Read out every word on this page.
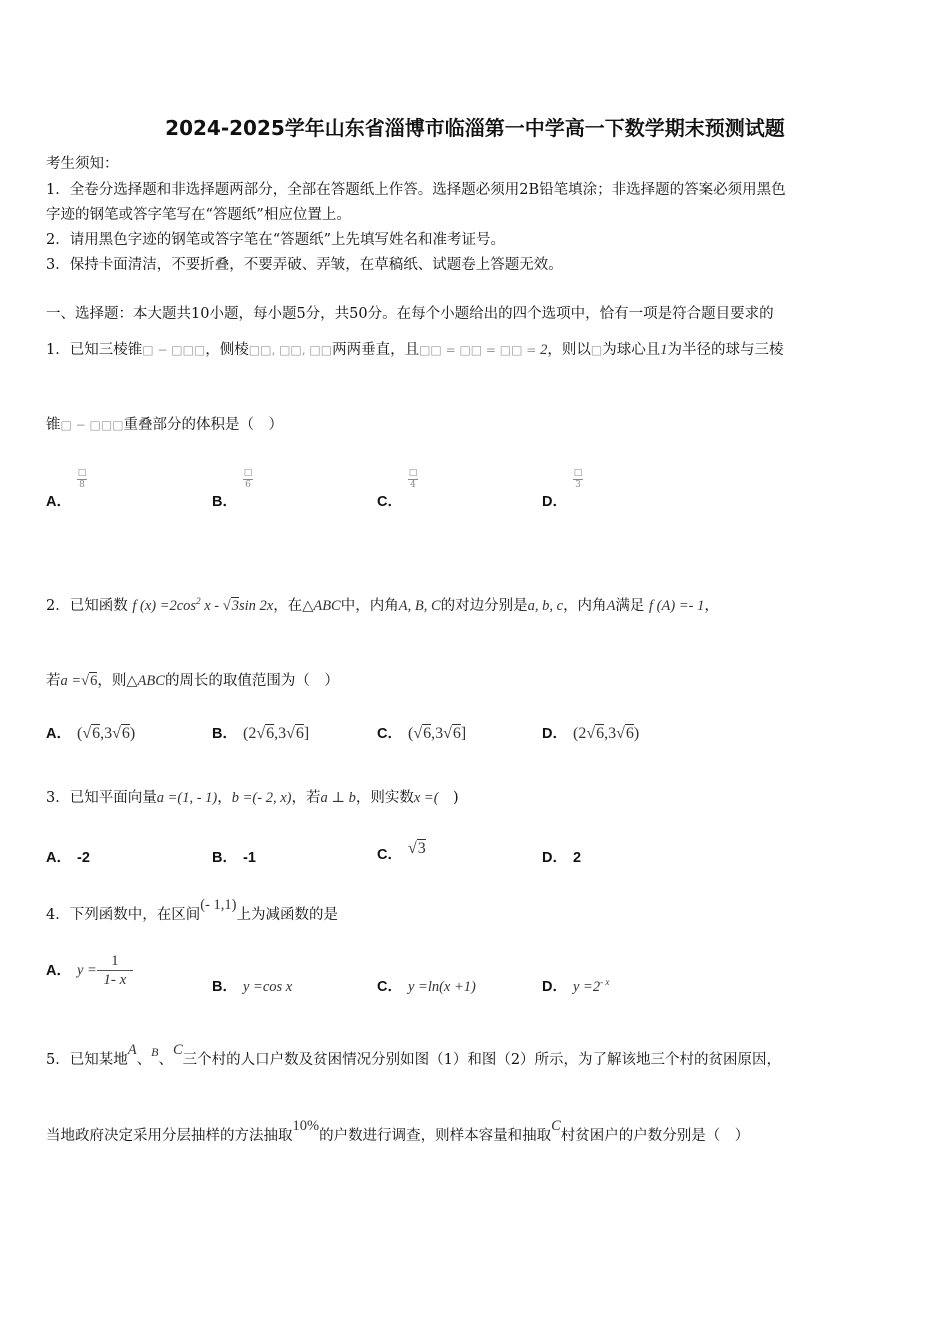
2024-2025学年山东省淄博市临淄第一中学高一下数学期末预测试题
考生须知：
1．全卷分选择题和非选择题两部分，全部在答题纸上作答。选择题必须用2B铅笔填涂；非选择题的答案必须用黑色
字迹的钢笔或答字笔写在“答题纸”相应位置上。
2．请用黑色字迹的钢笔或答字笔在“答题纸”上先填写姓名和准考证号。
3．保持卡面清洁，不要折叠，不要弄破、弄皱，在草稿纸、试题卷上答题无效。
一、选择题：本大题共10小题，每小题5分，共50分。在每个小题给出的四个选项中，恰有一项是符合题目要求的
1．已知三棱锥□ − □□□，侧棱□□, □□, □□两两垂直，且□□ = □□ = □□ = 2，则以□为球心且1为半径的球与三棱
锥□ − □□□重叠部分的体积是（　）
A．
$\frac{□}{8}$
B．
$\frac{□}{6}$
C．
$\frac{□}{4}$
D．
$\frac{□}{3}$
2．已知函数 f $(x) =2\cos^2$ x - √3sin 2x，在△ABC中，内角A, B, C的对边分别是a, b, c，内角A满足 f (A) =- 1，
若a =√6，则△ABC的周长的取值范围为（　）
A． (√6,3√6)	B． (2√6,3√6]	C． (√6,3√6]	D． (2√6,3√6)
3．已知平面向量a =(1, - 1)，b =(- 2, x)，若a ⊥ b，则实数x =(　)
A． -2	B． -1	C． √3
D． 2
4．下列函数中，在区间(- 1,1)上为减函数的是
A． $y = \frac{1}{1- x}$	B． y =cos x	C． y =ln(x +1)	D． $y =2^{- x}$
5．已知某地A、$^B$、C三个村的人口户数及贫困情况分别如图（1）和图（2）所示，为了解该地三个村的贫困原因，
当地政府决定采用分层抽样的方法抽取10%的户数进行调查，则样本容量和抽取C村贫困户的户数分别是（　）
